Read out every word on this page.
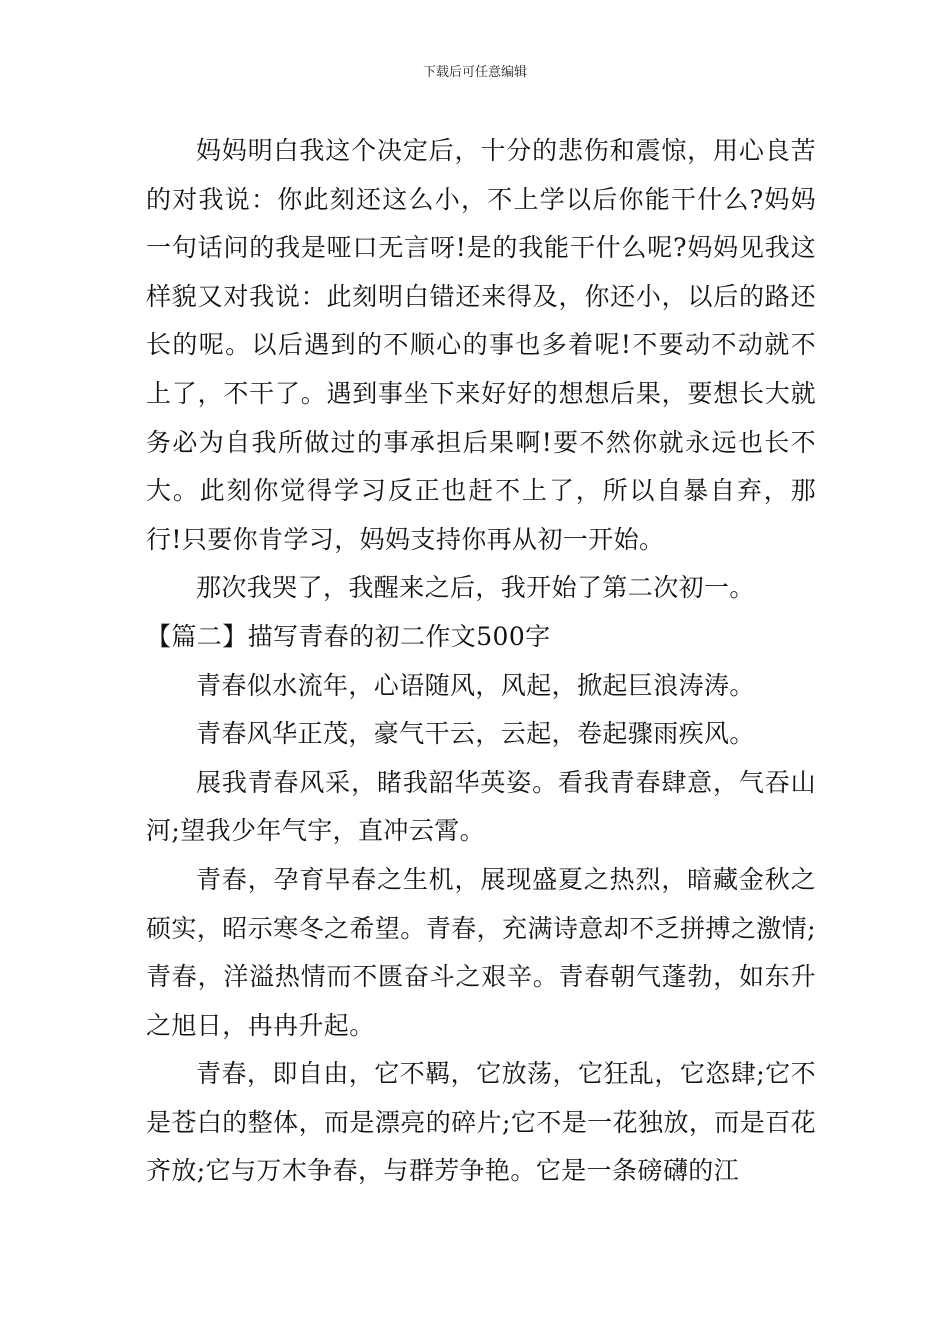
下载后可任意编辑

妈妈明白我这个决定后，十分的悲伤和震惊，用心良苦的对我说：你此刻还这么小，不上学以后你能干什么?妈妈一句话问的我是哑口无言呀!是的我能干什么呢?妈妈见我这样貌又对我说：此刻明白错还来得及，你还小，以后的路还长的呢。以后遇到的不顺心的事也多着呢!不要动不动就不上了，不干了。遇到事坐下来好好的想想后果，要想长大就务必为自我所做过的事承担后果啊!要不然你就永远也长不大。此刻你觉得学习反正也赶不上了，所以自暴自弃，那行!只要你肯学习，妈妈支持你再从初一开始。

那次我哭了，我醒来之后，我开始了第二次初一。

【篇二】描写青春的初二作文500字

青春似水流年，心语随风，风起，掀起巨浪涛涛。

青春风华正茂，豪气干云，云起，卷起骤雨疾风。

展我青春风采，睹我韶华英姿。看我青春肆意，气吞山河;望我少年气宇，直冲云霄。

青春，孕育早春之生机，展现盛夏之热烈，暗藏金秋之硕实，昭示寒冬之希望。青春，充满诗意却不乏拼搏之激情;青春，洋溢热情而不匮奋斗之艰辛。青春朝气蓬勃，如东升之旭日，冉冉升起。

青春，即自由，它不羁，它放荡，它狂乱，它恣肆;它不是苍白的整体，而是漂亮的碎片;它不是一花独放，而是百花齐放;它与万木争春，与群芳争艳。它是一条磅礴的江
